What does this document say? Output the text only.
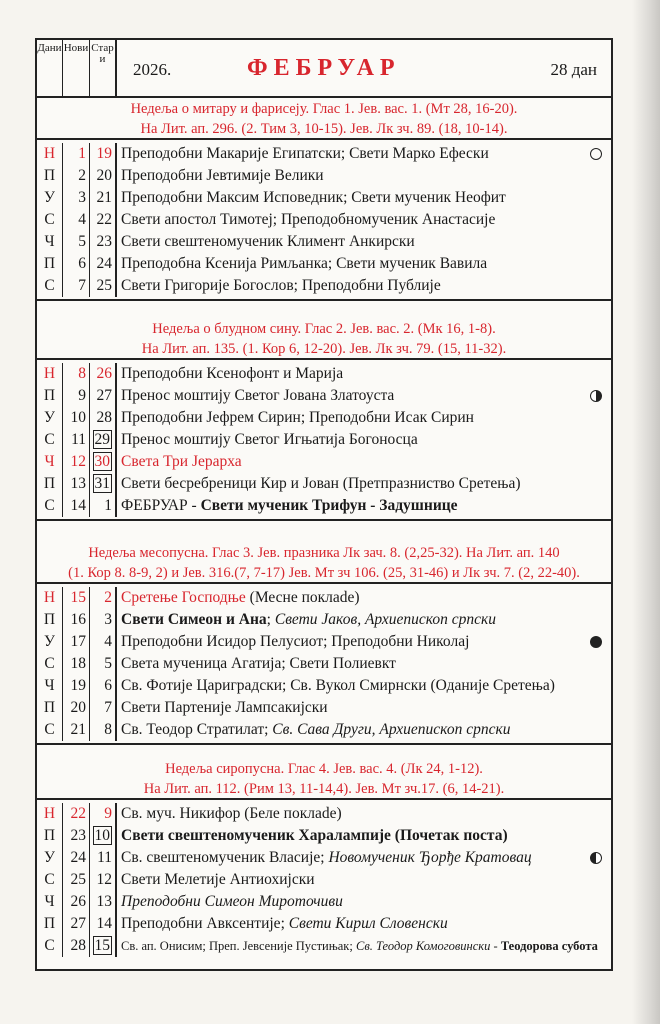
Дани Нови Стари
2026.	ФЕБРУАР	28 дан
Недеља о митару и фарисеју. Глас 1. Јев. вас. 1. (Мт 28, 16-20).
На Лит. ап. 296. (2. Тим 3, 10-15). Јев. Лк зч. 89. (18, 10-14).
Н	1 19 Преподобни Макарије Египатски; Свети Марко Ефески
П	2 20 Преподобни Јевтимије Велики
У	3 21 Преподобни Максим Исповедник; Свети мученик Неофит
С	4 22 Свети апостол Тимотеј; Преподобномученик Анастасије
Ч	5 23 Свети свештеномученик Климент Анкирски
П	6 24 Преподобна Ксенија Римљанка; Свети мученик Вавила
С	7 25 Свети Григорије Богослов; Преподобни Публије
Недеља о блудном сину. Глас 2. Јев. вас. 2. (Мк 16, 1-8).
На Лит. ап. 135. (1. Кор 6, 12-20). Јев. Лк зч. 79. (15, 11-32).
Н	8 26 Преподобни Ксенофонт и Марија
П	9 27 Пренос моштију Светог Јована Златоуста
У	10 28 Преподобни Јефрем Сирин; Преподобни Исак Сирин
С	11 29 Пренос моштију Светог Игњатија Богоносца
Ч	12 30 Света Три Јерарха
П 13 31 Свети бесребреници Кир и Јован (Претпразниство Сретења)
С	14	1 ФЕБРУАР - Свети мученик Трифун - Задушнице
Недеља месопусна. Глас 3. Јев. празника Лк зач. 8. (2,25-32). На Лит. ап. 140
(1. Кор 8. 8-9, 2) и Јев. 316.(7, 7-17) Јев. Мт зч 106. (25, 31-46) и Лк зч. 7. (2, 22-40).
Н 15	2 Сретење Господње (Месне поклade)
П 16	3 Свети Симеон и Ана; Свети Јаков, Архиепископ српски
У	17	4 Преподобни Исидор Пелусиот; Преподобни Николај
С	18	5 Света мученица Агатија; Свети Полиевкт
Ч	19	6 Св. Фотије Цариградски; Св. Вукол Смирнски (Оданије Сретења)
П 20	7 Свети Партеније Лампсакијски
С	21	8 Св. Теодор Стратилат; Св. Сава Други, Архиепископ српски
Недеља сиропусна. Глас 4. Јев. вас. 4. (Лк 24, 1-12).
На Лит. ап. 112. (Рим 13, 11-14,4). Јев. Мт зч.17. (6, 14-21).
Н 22	9 Св. муч. Никифор (Беле поклade)
П 23 10 Свети свештеномученик Харалампије (Почетак поста)
У	24 11 Св. свештеномученик Власије; Новомученик Ђорђе Кратовац
С	25 12 Свети Мелетије Антиохијски
Ч	26 13 Преподобни Симеон Мироточиви
П 27 14 Преподобни Авксентије; Свети Кирил Словенски
С	28 15 Св. ап. Онисим; Преп. Јевсеније Пустињак; Св. Теодор Комоговински - Теодорова субота
